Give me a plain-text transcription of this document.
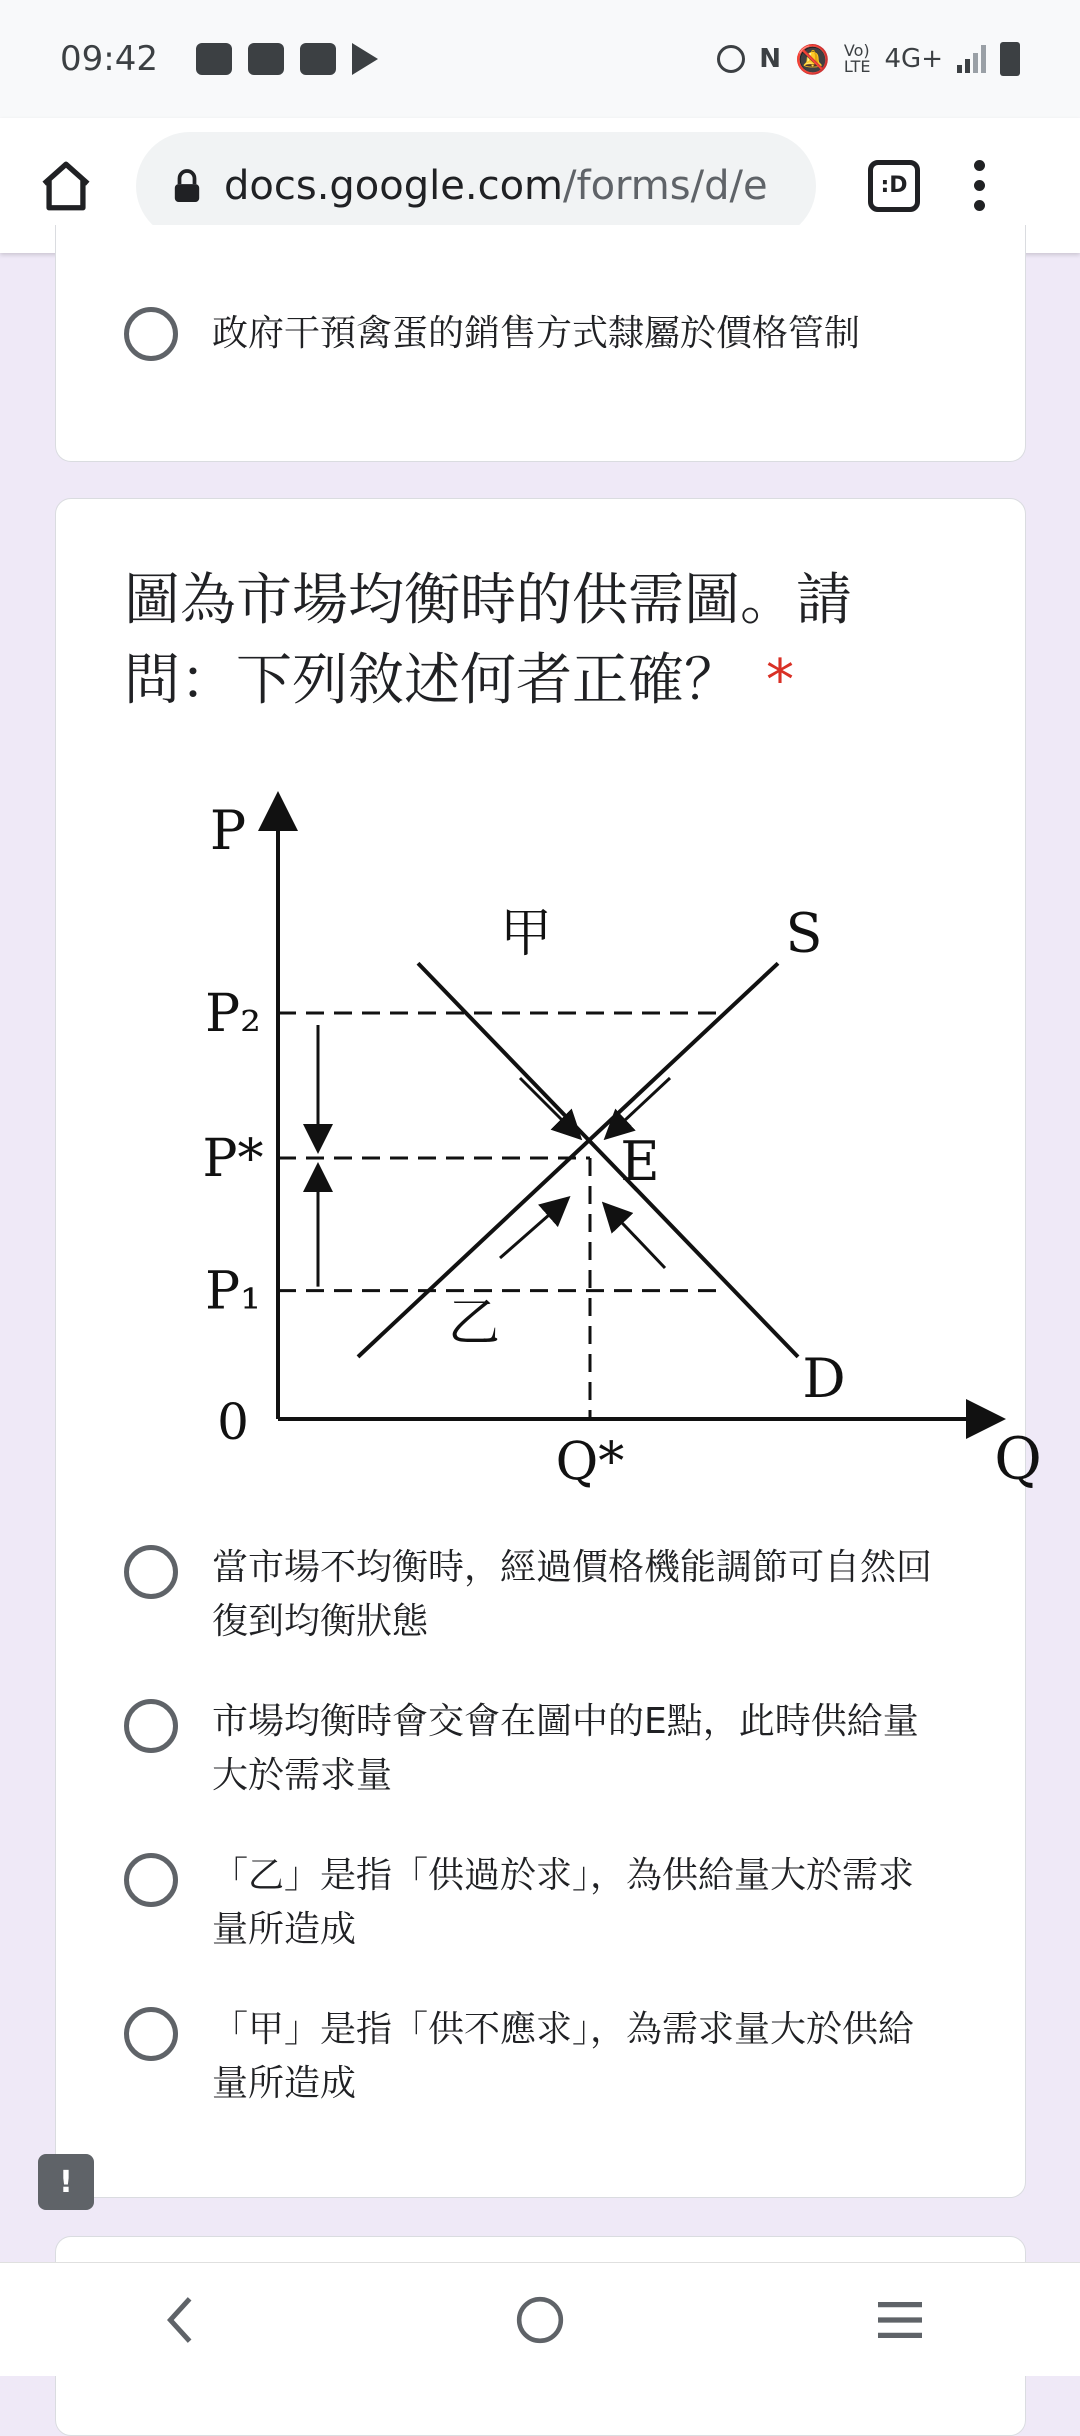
09:42	N 🔕 Vo)
LTE 4G+
docs.google.com/forms/d/e	:D
政府干預禽蛋的銷售方式隸屬於價格管制
圖為市場均衡時的供需圖。請問：下列敘述何者正確？ *
P
Q
0
P₂
P*
P₁
Q*
S
D
E
甲
乙
當市場不均衡時，經過價格機能調節可自然回復到均衡狀態
市場均衡時會交會在圖中的E點，此時供給量大於需求量
「乙」是指「供過於求」，為供給量大於需求量所造成
「甲」是指「供不應求」，為需求量大於供給量所造成
!
